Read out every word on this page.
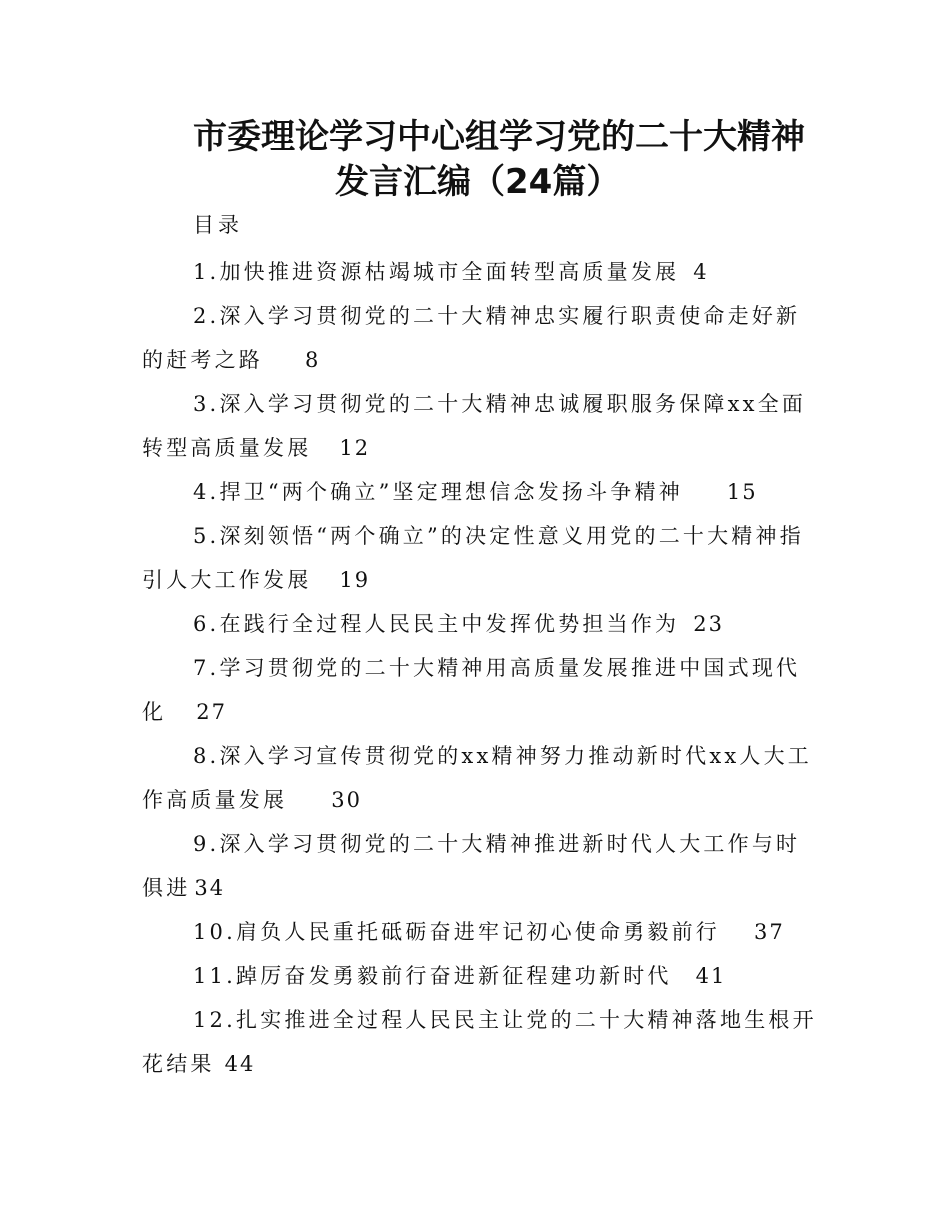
市委理论学习中心组学习党的二十大精神
发言汇编（24篇）
目录
1.加快推进资源枯竭城市全面转型高质量发展 4
2.深入学习贯彻党的二十大精神忠实履行职责使命走好新的赶考之路 8
3.深入学习贯彻党的二十大精神忠诚履职服务保障xx全面转型高质量发展 12
4.捍卫“两个确立”坚定理想信念发扬斗争精神 15
5.深刻领悟“两个确立”的决定性意义用党的二十大精神指引人大工作发展 19
6.在践行全过程人民民主中发挥优势担当作为 23
7.学习贯彻党的二十大精神用高质量发展推进中国式现代化 27
8.深入学习宣传贯彻党的xx精神努力推动新时代xx人大工作高质量发展 30
9.深入学习贯彻党的二十大精神推进新时代人大工作与时俱进 34
10.肩负人民重托砥砺奋进牢记初心使命勇毅前行 37
11.踔厉奋发勇毅前行奋进新征程建功新时代 41
12.扎实推进全过程人民民主让党的二十大精神落地生根开花结果 44
